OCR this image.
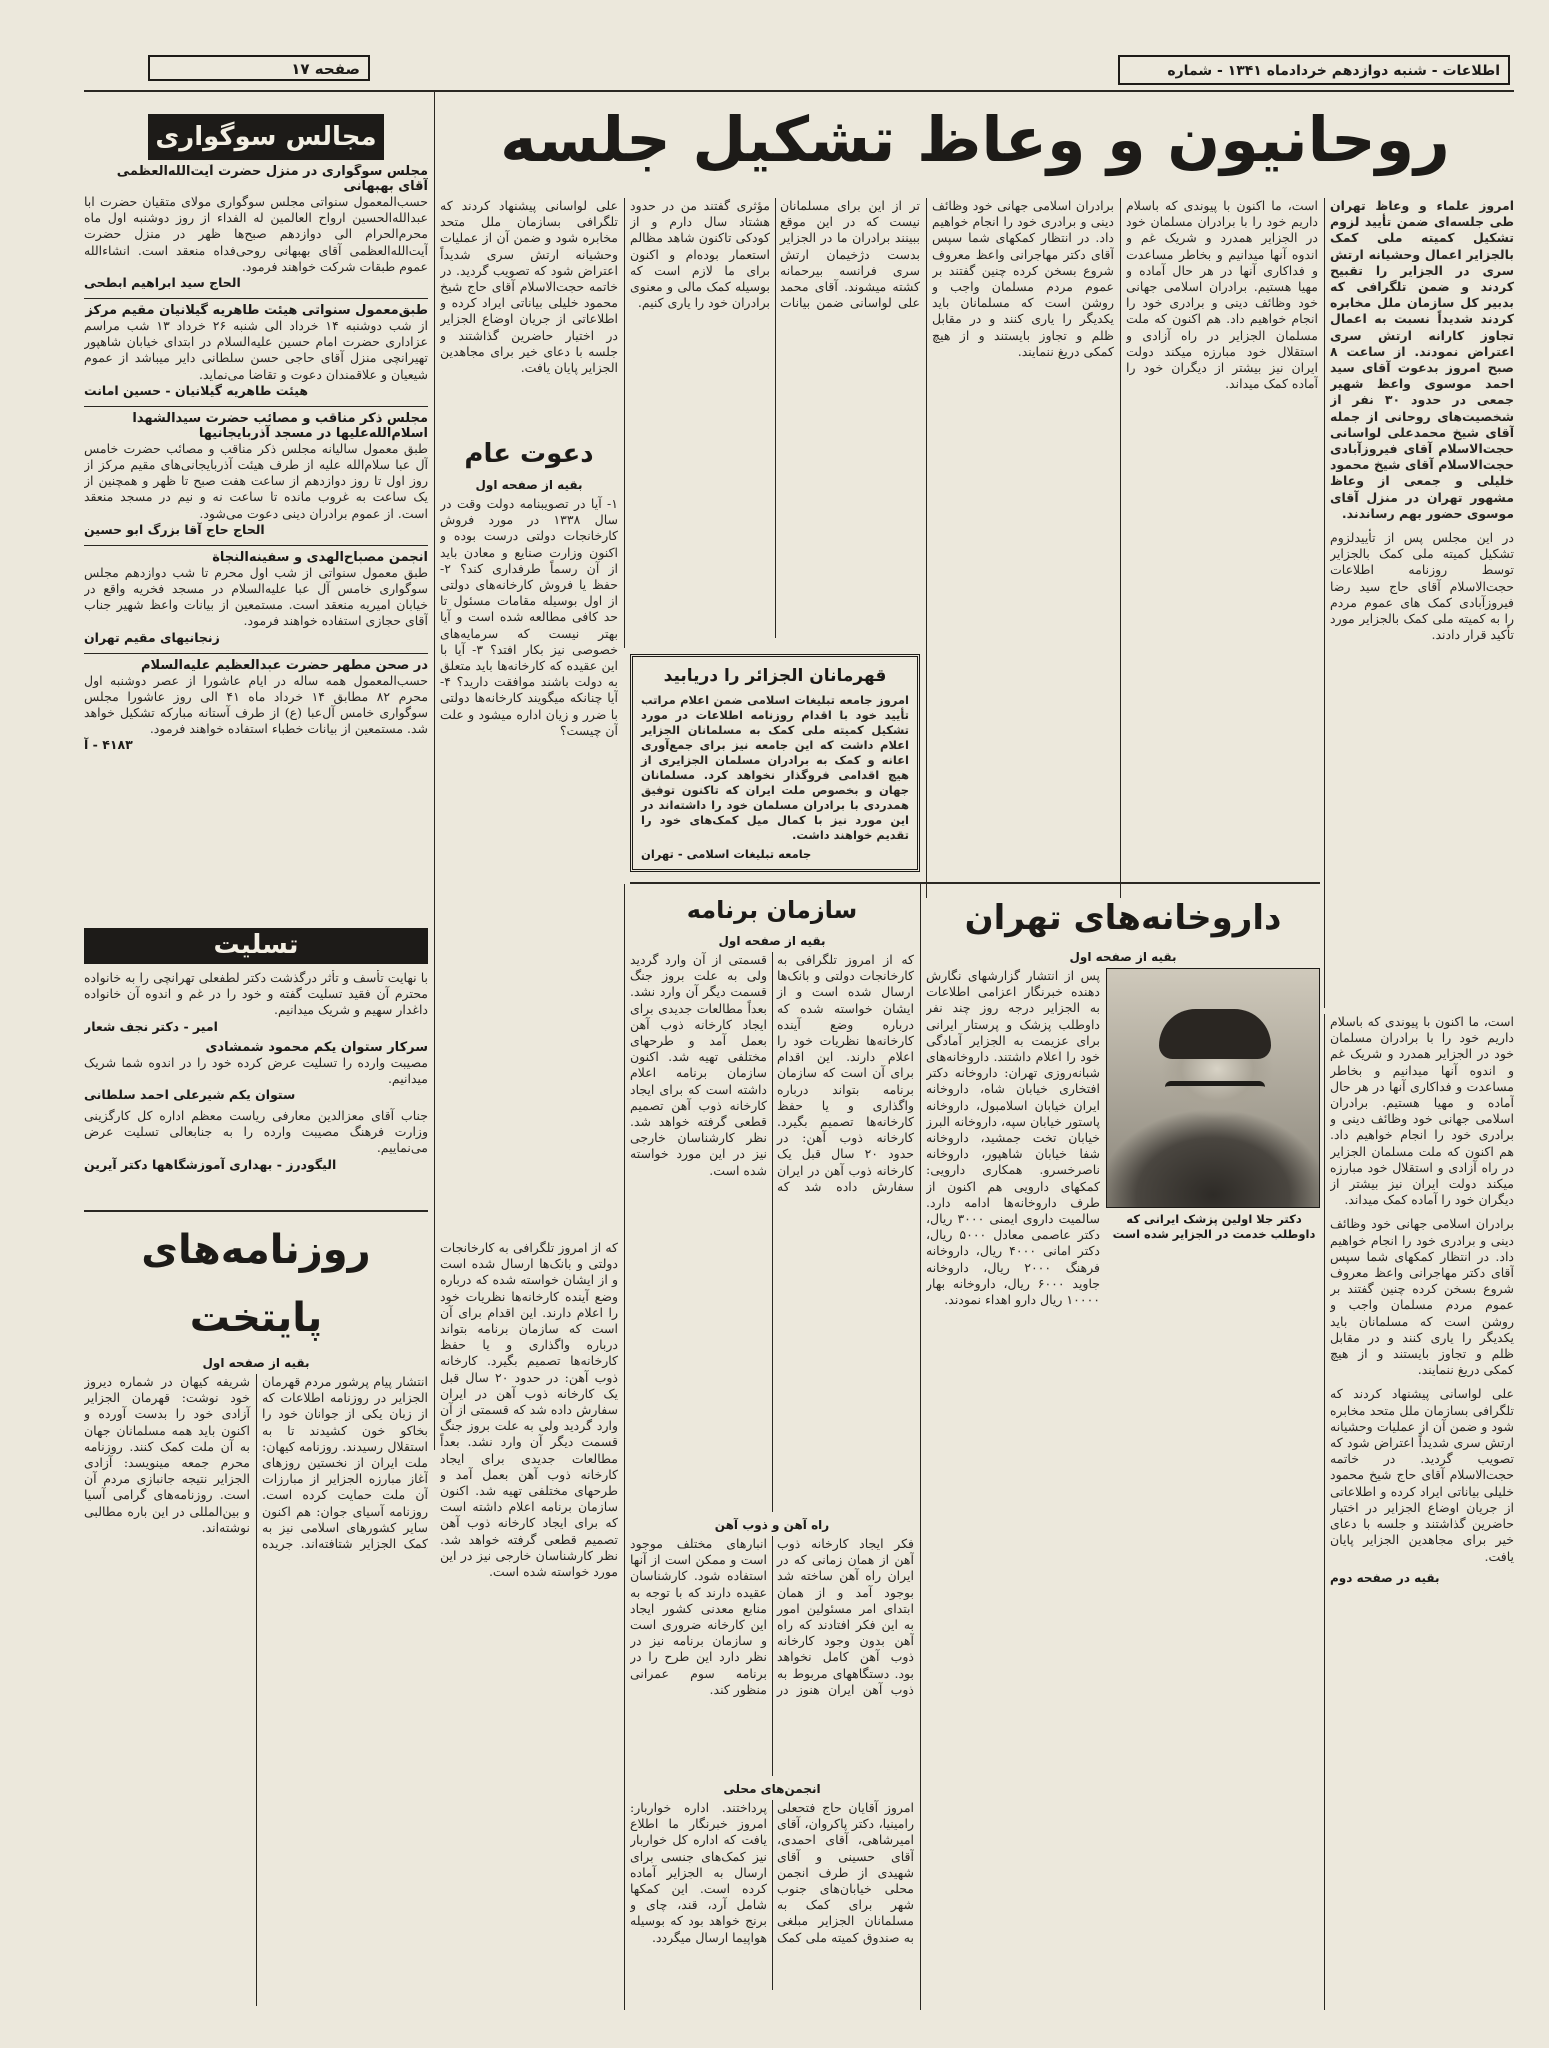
صفحه ۱۷	اطلاعات - شنبه دوازدهم خردادماه ۱۳۴۱ - شماره
روحانیون و وعاظ تشکیل جلسه
مجالس سوگواری
مجلس سوگواری در منزل حضرت آیت‌الله‌العظمی آقای بهبهانی
حسب‌المعمول سنواتی مجلس سوگواری مولای متقیان حضرت ابا عبدالله‌الحسین ارواح العالمین له الفداء از روز دوشنبه اول ماه محرم‌الحرام الی دوازدهم صبح‌ها ظهر در منزل حضرت آیت‌الله‌العظمی آقای بهبهانی روحی‌فداه منعقد است. انشاءالله عموم طبقات شرکت خواهند فرمود.
الحاج سید ابراهیم ابطحی
طبق‌معمول سنواتی هیئت طاهریه گیلانیان مقیم مرکز
از شب دوشنبه ۱۴ خرداد الی شنبه ۲۶ خرداد ۱۳ شب مراسم عزاداری حضرت امام حسین علیه‌السلام در ابتدای خیابان شاهپور تهیرانچی منزل آقای حاجی حسن سلطانی دایر میباشد از عموم شیعیان و علاقمندان دعوت و تقاضا می‌نماید.
هیئت طاهریه گیلانیان - حسین امانت
مجلس ذکر مناقب و مصائب حضرت سیدالشهدا اسلام‌الله‌علیها در مسجد آذربایجانیها
طبق معمول سالیانه مجلس ذکر مناقب و مصائب حضرت خامس آل عبا سلام‌الله علیه از طرف هیئت آذربایجانی‌های مقیم مرکز از روز اول تا روز دوازدهم از ساعت هفت صبح تا ظهر و همچنین از یک ساعت به غروب مانده تا ساعت نه و نیم در مسجد منعقد است. از عموم برادران دینی دعوت می‌شود.
الحاج حاج آقا بزرگ ابو حسین
انجمن مصباح‌الهدی و سفینه‌النجاة
طبق معمول سنواتی از شب اول محرم تا شب دوازدهم مجلس سوگواری خامس آل عبا علیه‌السلام در مسجد فخریه واقع در خیابان امیریه منعقد است. مستمعین از بیانات واعظ شهیر جناب آقای حجازی استفاده خواهند فرمود.
زنجانیهای مقیم تهران
در صحن مطهر حضرت عبدالعظیم علیه‌السلام
حسب‌المعمول همه ساله در ایام عاشورا از عصر دوشنبه اول محرم ۸۲ مطابق ۱۴ خرداد ماه ۴۱ الی روز عاشورا مجلس سوگواری خامس آل‌عبا (ع) از طرف آستانه مبارکه تشکیل خواهد شد. مستمعین از بیانات خطباء استفاده خواهند فرمود.
۴۱۸۳ - آ
تسلیت
با نهایت تأسف و تأثر درگذشت دکتر لطفعلی تهرانچی را به خانواده محترم آن فقید تسلیت گفته و خود را در غم و اندوه آن خانواده داغدار سهیم و شریک میدانیم.
امیر - دکتر نجف شعار
سرکار ستوان یکم محمود شمشادی
مصیبت وارده را تسلیت عرض کرده خود را در اندوه شما شریک میدانیم.
ستوان یکم شیرعلی احمد سلطانی
جناب آقای معزالدین معارفی ریاست معظم اداره کل کارگزینی وزارت فرهنگ مصیبت وارده را به جنابعالی تسلیت عرض می‌نماییم.
الیگودرز - بهداری آموزشگاهها دکتر آیرین
روزنامه‌های پایتخت
بقیه از صفحه اول
انتشار پیام پرشور مردم قهرمان الجزایر در روزنامه اطلاعات که از زبان یکی از جوانان خود را بخاکو خون کشیدند تا به استقلال رسیدند. روزنامه کیهان: ملت ایران از نخستین روزهای آغاز مبارزه الجزایر از مبارزات آن ملت حمایت کرده است. روزنامه آسیای جوان: هم اکنون سایر کشورهای اسلامی نیز به کمک الجزایر شتافته‌اند. جریده شریفه کیهان در شماره دیروز خود نوشت: قهرمان الجزایر آزادی خود را بدست آورده و اکنون باید همه مسلمانان جهان به آن ملت کمک کنند. روزنامه محرم جمعه مینویسد: آزادی الجزایر نتیجه جانبازی مردم آن است. روزنامه‌های گرامی آسیا و بین‌المللی در این باره مطالبی نوشته‌اند.
امروز علماء و وعاظ تهران طی جلسه‌ای ضمن تأیید لزوم تشکیل کمیته ملی کمک بالجزایر اعمال وحشیانه ارتش سری در الجزایر را تقبیح کردند و ضمن تلگرافی که بدبیر کل سازمان ملل مخابره کردند شدیداً نسبت به اعمال تجاوز کارانه ارتش سری اعتراض نمودند. از ساعت ۸ صبح امروز بدعوت آقای سید احمد موسوی واعظ شهیر جمعی در حدود ۳۰ نفر از شخصیت‌های روحانی از جمله آقای شیخ محمدعلی لواسانی حجت‌الاسلام آقای فیروزآبادی حجت‌الاسلام آقای شیخ محمود خلیلی و جمعی از وعاظ مشهور تهران در منزل آقای موسوی حضور بهم رساندند.
در این مجلس پس از تأییدلزوم تشکیل کمیته ملی کمک بالجزایر توسط روزنامه اطلاعات حجت‌الاسلام آقای حاج سید رضا فیروزآبادی کمک های عموم مردم را به کمیته ملی کمک بالجزایر مورد تأکید قرار دادند.
است، ما اکنون با پیوندی که باسلام داریم خود را با برادران مسلمان خود در الجزایر همدرد و شریک غم و اندوه آنها میدانیم و بخاطر مساعدت و فداکاری آنها در هر حال آماده و مهیا هستیم. برادران اسلامی جهانی خود وظائف دینی و برادری خود را انجام خواهیم داد. هم اکنون که ملت مسلمان الجزایر در راه آزادی و استقلال خود مبارزه میکند دولت ایران نیز بیشتر از دیگران خود را آماده کمک میداند.
برادران اسلامی جهانی خود وظائف دینی و برادری خود را انجام خواهیم داد. در انتظار کمکهای شما سپس آقای دکتر مهاجرانی واعظ معروف شروع بسخن کرده چنین گفتند بر عموم مردم مسلمان واجب و روشن است که مسلمانان باید یکدیگر را یاری کنند و در مقابل ظلم و تجاوز بایستند و از هیچ کمکی دریغ ننمایند.
تر از این برای مسلمانان نیست که در این موقع ببینند برادران ما در الجزایر بدست دژخیمان ارتش سری فرانسه بیرحمانه کشته میشوند. آقای محمد علی لواسانی ضمن بیانات مؤثری گفتند من در حدود هشتاد سال دارم و از کودکی تاکنون شاهد مظالم استعمار بوده‌ام و اکنون برای ما لازم است که بوسیله کمک مالی و معنوی برادران خود را یاری کنیم.
علی لواسانی پیشنهاد کردند که تلگرافی بسازمان ملل متحد مخابره شود و ضمن آن از عملیات وحشیانه ارتش سری شدیداً اعتراض شود که تصویب گردید. در خاتمه حجت‌الاسلام آقای حاج شیخ محمود خلیلی بیاناتی ایراد کرده و اطلاعاتی از جریان اوضاع الجزایر در اختیار حاضرین گذاشتند و جلسه با دعای خیر برای مجاهدین الجزایر پایان یافت.
دعوت عام
بقیه از صفحه اول
۱- آیا در تصویبنامه دولت وقت در سال ۱۳۳۸ در مورد فروش کارخانجات دولتی درست بوده و اکنون وزارت صنایع و معادن باید از آن رسماً طرفداری کند؟ ۲- حفظ یا فروش کارخانه‌های دولتی از اول بوسیله مقامات مسئول تا حد کافی مطالعه شده است و آیا بهتر نیست که سرمایه‌های خصوصی نیز بکار افتد؟ ۳- آیا با این عقیده که کارخانه‌ها باید متعلق به دولت باشند موافقت دارید؟ ۴- آیا چنانکه میگویند کارخانه‌ها دولتی با ضرر و زیان اداره میشود و علت آن چیست؟
قهرمانان الجزائر را دریابید
امروز جامعه تبلیغات اسلامی ضمن اعلام مراتب تأیید خود با اقدام روزنامه اطلاعات در مورد تشکیل کمیته ملی کمک به مسلمانان الجزایر اعلام داشت که این جامعه نیز برای جمع‌آوری اعانه و کمک به برادران مسلمان الجزایری از هیچ اقدامی فروگذار نخواهد کرد. مسلمانان جهان و بخصوص ملت ایران که تاکنون توفیق همدردی با برادران مسلمان خود را داشته‌اند در این مورد نیز با کمال میل کمک‌های خود را تقدیم خواهند داشت.
جامعه تبلیغات اسلامی - تهران
داروخانه‌های تهران
بقیه از صفحه اول
دکتر جلا اولین پزشک ایرانی که داوطلب خدمت در الجزایر شده است
پس از انتشار گزارشهای نگارش دهنده خبرنگار اعزامی اطلاعات به الجزایر درجه روز چند نفر داوطلب پزشک و پرستار ایرانی برای عزیمت به الجزایر آمادگی خود را اعلام داشتند. داروخانه‌های شبانه‌روزی تهران: داروخانه دکتر افتخاری خیابان شاه، داروخانه ایران خیابان اسلامبول، داروخانه پاستور خیابان سپه، داروخانه البرز خیابان تخت جمشید، داروخانه شفا خیابان شاهپور، داروخانه ناصرخسرو. همکاری دارویی: کمکهای دارویی هم اکنون از طرف داروخانه‌ها ادامه دارد. سالمیت داروی ایمنی ۳۰۰۰ ریال، دکتر عاصمی معادل ۵۰۰۰ ریال، دکتر امانی ۴۰۰۰ ریال، داروخانه فرهنگ ۲۰۰۰ ریال، داروخانه جاوید ۶۰۰۰ ریال، داروخانه بهار ۱۰۰۰۰ ریال دارو اهداء نمودند.
سازمان برنامه
بقیه از صفحه اول
که از امروز تلگرافی به کارخانجات دولتی و بانک‌ها ارسال شده است و از ایشان خواسته شده که درباره وضع آینده کارخانه‌ها نظریات خود را اعلام دارند. این اقدام برای آن است که سازمان برنامه بتواند درباره واگذاری و یا حفظ کارخانه‌ها تصمیم بگیرد. کارخانه ذوب آهن: در حدود ۲۰ سال قبل یک کارخانه ذوب آهن در ایران سفارش داده شد که قسمتی از آن وارد گردید ولی به علت بروز جنگ قسمت دیگر آن وارد نشد. بعداً مطالعات جدیدی برای ایجاد کارخانه ذوب آهن بعمل آمد و طرحهای مختلفی تهیه شد. اکنون سازمان برنامه اعلام داشته است که برای ایجاد کارخانه ذوب آهن تصمیم قطعی گرفته خواهد شد. نظر کارشناسان خارجی نیز در این مورد خواسته شده است.
راه آهن و ذوب آهن
فکر ایجاد کارخانه ذوب آهن از همان زمانی که در ایران راه آهن ساخته شد بوجود آمد و از همان ابتدای امر مسئولین امور به این فکر افتادند که راه آهن بدون وجود کارخانه ذوب آهن کامل نخواهد بود. دستگاههای مربوط به ذوب آهن ایران هنوز در انبارهای مختلف موجود است و ممکن است از آنها استفاده شود. کارشناسان عقیده دارند که با توجه به منابع معدنی کشور ایجاد این کارخانه ضروری است و سازمان برنامه نیز در نظر دارد این طرح را در برنامه سوم عمرانی منظور کند.
انجمن‌های محلی
امروز آقایان حاج فتحعلی رامینیا، دکتر پاکروان، آقای امیرشاهی، آقای احمدی، آقای حسینی و آقای شهیدی از طرف انجمن محلی خیابان‌های جنوب شهر برای کمک به مسلمانان الجزایر مبلغی به صندوق کمیته ملی کمک پرداختند. اداره خواربار: امروز خبرنگار ما اطلاع یافت که اداره کل خواربار نیز کمک‌های جنسی برای ارسال به الجزایر آماده کرده است. این کمکها شامل آرد، قند، چای و برنج خواهد بود که بوسیله هواپیما ارسال میگردد.
است، ما اکنون با پیوندی که باسلام داریم خود را با برادران مسلمان خود در الجزایر همدرد و شریک غم و اندوه آنها میدانیم و بخاطر مساعدت و فداکاری آنها در هر حال آماده و مهیا هستیم. برادران اسلامی جهانی خود وظائف دینی و برادری خود را انجام خواهیم داد. هم اکنون که ملت مسلمان الجزایر در راه آزادی و استقلال خود مبارزه میکند دولت ایران نیز بیشتر از دیگران خود را آماده کمک میداند.
برادران اسلامی جهانی خود وظائف دینی و برادری خود را انجام خواهیم داد. در انتظار کمکهای شما سپس آقای دکتر مهاجرانی واعظ معروف شروع بسخن کرده چنین گفتند بر عموم مردم مسلمان واجب و روشن است که مسلمانان باید یکدیگر را یاری کنند و در مقابل ظلم و تجاوز بایستند و از هیچ کمکی دریغ ننمایند.
علی لواسانی پیشنهاد کردند که تلگرافی بسازمان ملل متحد مخابره شود و ضمن آن از عملیات وحشیانه ارتش سری شدیداً اعتراض شود که تصویب گردید. در خاتمه حجت‌الاسلام آقای حاج شیخ محمود خلیلی بیاناتی ایراد کرده و اطلاعاتی از جریان اوضاع الجزایر در اختیار حاضرین گذاشتند و جلسه با دعای خیر برای مجاهدین الجزایر پایان یافت.
بقیه در صفحه دوم
که از امروز تلگرافی به کارخانجات دولتی و بانک‌ها ارسال شده است و از ایشان خواسته شده که درباره وضع آینده کارخانه‌ها نظریات خود را اعلام دارند. این اقدام برای آن است که سازمان برنامه بتواند درباره واگذاری و یا حفظ کارخانه‌ها تصمیم بگیرد. کارخانه ذوب آهن: در حدود ۲۰ سال قبل یک کارخانه ذوب آهن در ایران سفارش داده شد که قسمتی از آن وارد گردید ولی به علت بروز جنگ قسمت دیگر آن وارد نشد. بعداً مطالعات جدیدی برای ایجاد کارخانه ذوب آهن بعمل آمد و طرحهای مختلفی تهیه شد. اکنون سازمان برنامه اعلام داشته است که برای ایجاد کارخانه ذوب آهن تصمیم قطعی گرفته خواهد شد. نظر کارشناسان خارجی نیز در این مورد خواسته شده است.
